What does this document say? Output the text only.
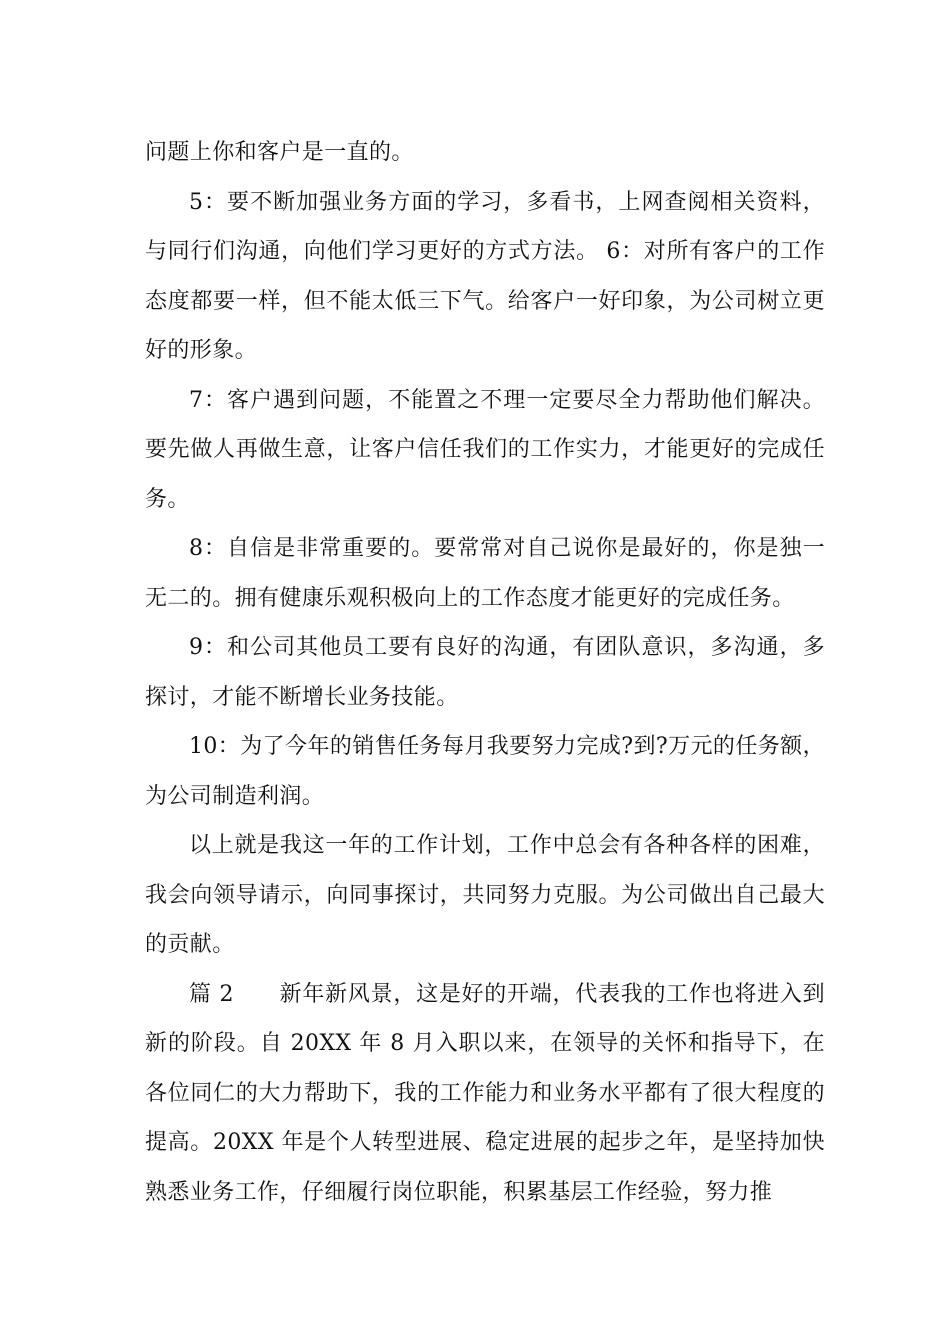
问题上你和客户是一直的。

5：要不断加强业务方面的学习，多看书，上网查阅相关资料，与同行们沟通，向他们学习更好的方式方法。 6：对所有客户的工作态度都要一样，但不能太低三下气。给客户一好印象，为公司树立更好的形象。

7：客户遇到问题，不能置之不理一定要尽全力帮助他们解决。要先做人再做生意，让客户信任我们的工作实力，才能更好的完成任务。

8：自信是非常重要的。要常常对自己说你是最好的，你是独一无二的。拥有健康乐观积极向上的工作态度才能更好的完成任务。

9：和公司其他员工要有良好的沟通，有团队意识，多沟通，多探讨，才能不断增长业务技能。

10：为了今年的销售任务每月我要努力完成?到?万元的任务额，为公司制造利润。

以上就是我这一年的工作计划，工作中总会有各种各样的困难，我会向领导请示，向同事探讨，共同努力克服。为公司做出自己最大的贡献。

篇 2　　新年新风景，这是好的开端，代表我的工作也将进入到新的阶段。自 20XX 年 8 月入职以来，在领导的关怀和指导下，在各位同仁的大力帮助下，我的工作能力和业务水平都有了很大程度的提高。20XX 年是个人转型进展、稳定进展的起步之年，是坚持加快熟悉业务工作，仔细履行岗位职能，积累基层工作经验，努力推
